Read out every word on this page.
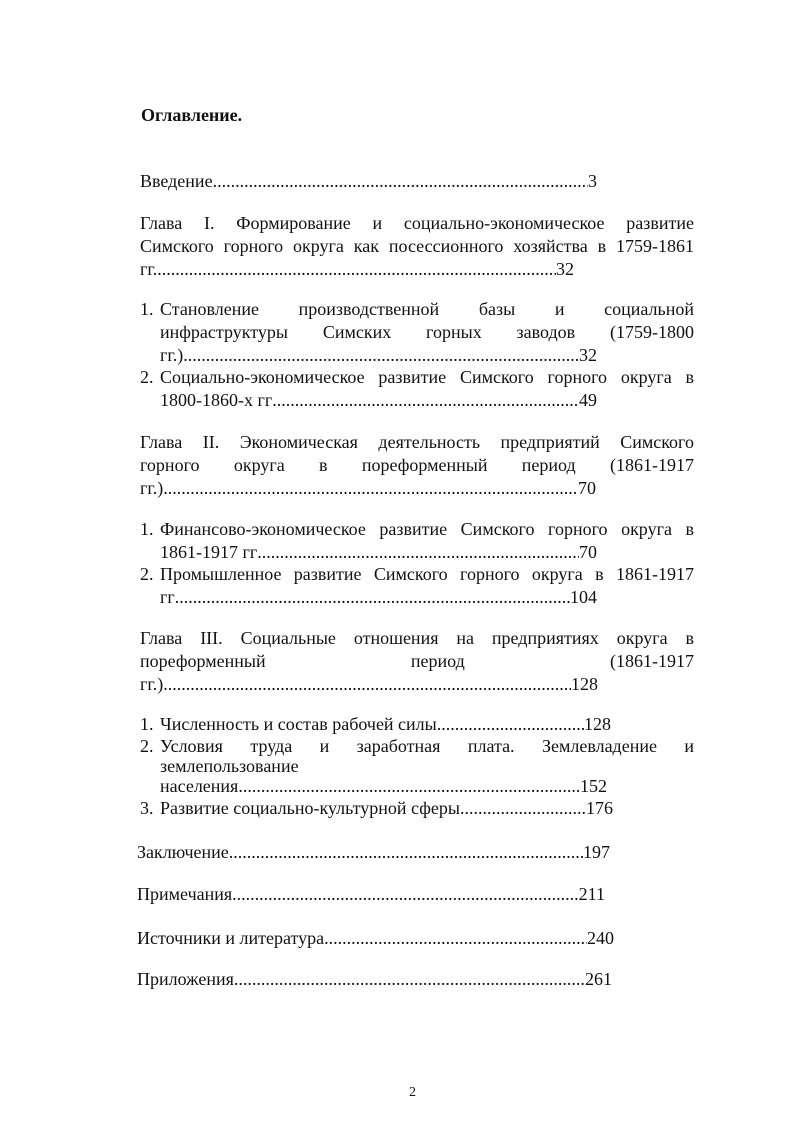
Оглавление.
Введение .....	3
Глава I. Формирование и социально-экономическое развитие
Симского горного округа как посессионного хозяйства в 1759-1861
гг. .....	32
1. Становление производственной базы и социальной
инфраструктуры Симских горных заводов (1759-1800
гг.) .....	32
2. Социально-экономическое развитие Симского горного округа в
1800-1860-х гг .....	49
Глава II. Экономическая деятельность предприятий Симского
горного округа в пореформенный период (1861-1917
гг.) .....	70
1. Финансово-экономическое развитие Симского горного округа в
1861-1917 гг .....	70
2. Промышленное развитие Симского горного округа в 1861-1917
гг .....	104
Глава III. Социальные отношения на предприятиях округа в
пореформенный период (1861-1917
гг.) .....	128
1. Численность и состав рабочей силы .....	128
2. Условия труда и заработная плата. Землевладение и
землепользование
населения .....	152
3. Развитие социально-культурной сферы .....	176
Заключение .....	197
Примечания .....	211
Источники и литература .....	240
Приложения .....	261
2
